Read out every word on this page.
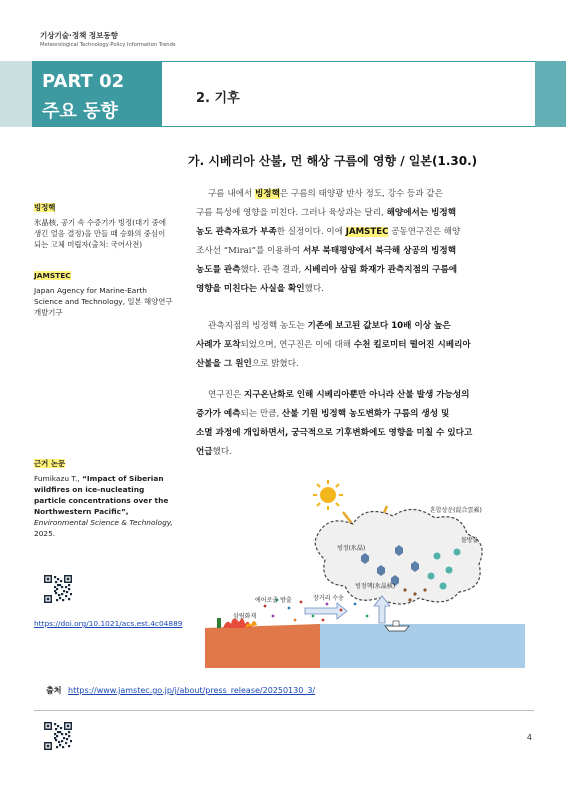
기상기술·정책 정보동향
Meteorological Technology·Policy Information Trends
PART 02
주요 동향
2. 기후
가. 시베리아 산불, 먼 해상 구름에 영향 / 일본(1.30.)
빙정핵
氷晶核, 공기 속 수증기가 빙정(대기 중에 생긴 얼음 결정)을 만들 때 승화의 중심이 되는 고체 미립자(출처: 국어사전)
JAMSTEC
Japan Agency for Marine-Earth Science and Technology, 일본 해양연구개발기구
근거 논문
Fumikazu T., “Impact of Siberian wildfires on ice-nucleating particle concentrations over the Northwestern Pacific”, Environmental Science & Technology, 2025.
https://doi.org/10.1021/acs.est.4c04889
구름 내에서 빙정핵은 구름의 태양광 반사 정도, 강수 등과 같은
구름 특성에 영향을 미친다. 그러나 육상과는 달리, 해양에서는 빙정핵
농도 관측자료가 부족한 실정이다. 이에 JAMSTEC 공동연구진은 해양
조사선 “Mirai”를 이용하여 서부 북태평양에서 북극해 상공의 빙정핵
농도를 관측했다. 관측 결과, 시베리아 삼림 화재가 관측지점의 구름에
영향을 미친다는 사실을 확인했다.
관측지점의 빙정핵 농도는 기존에 보고된 값보다 10배 이상 높은
사례가 포착되었으며, 연구진은 이에 대해 수천 킬로미터 떨어진 시베리아
산불을 그 원인으로 밝혔다.
연구진은 지구온난화로 인해 시베리아뿐만 아니라 산불 발생 가능성의
증가가 예측되는 만큼, 산불 기원 빙정핵 농도변화가 구름의 생성 및
소멸 과정에 개입하면서, 궁극적으로 기후변화에도 영향을 미칠 수 있다고
언급했다.
혼합상운(混合雲霧)
빙정(氷晶)
물방울
빙정핵(氷晶核)
에어로졸 방출	장거리 수송
삼림화재
출처 https://www.jamstec.go.jp/j/about/press_release/20250130_3/
4
